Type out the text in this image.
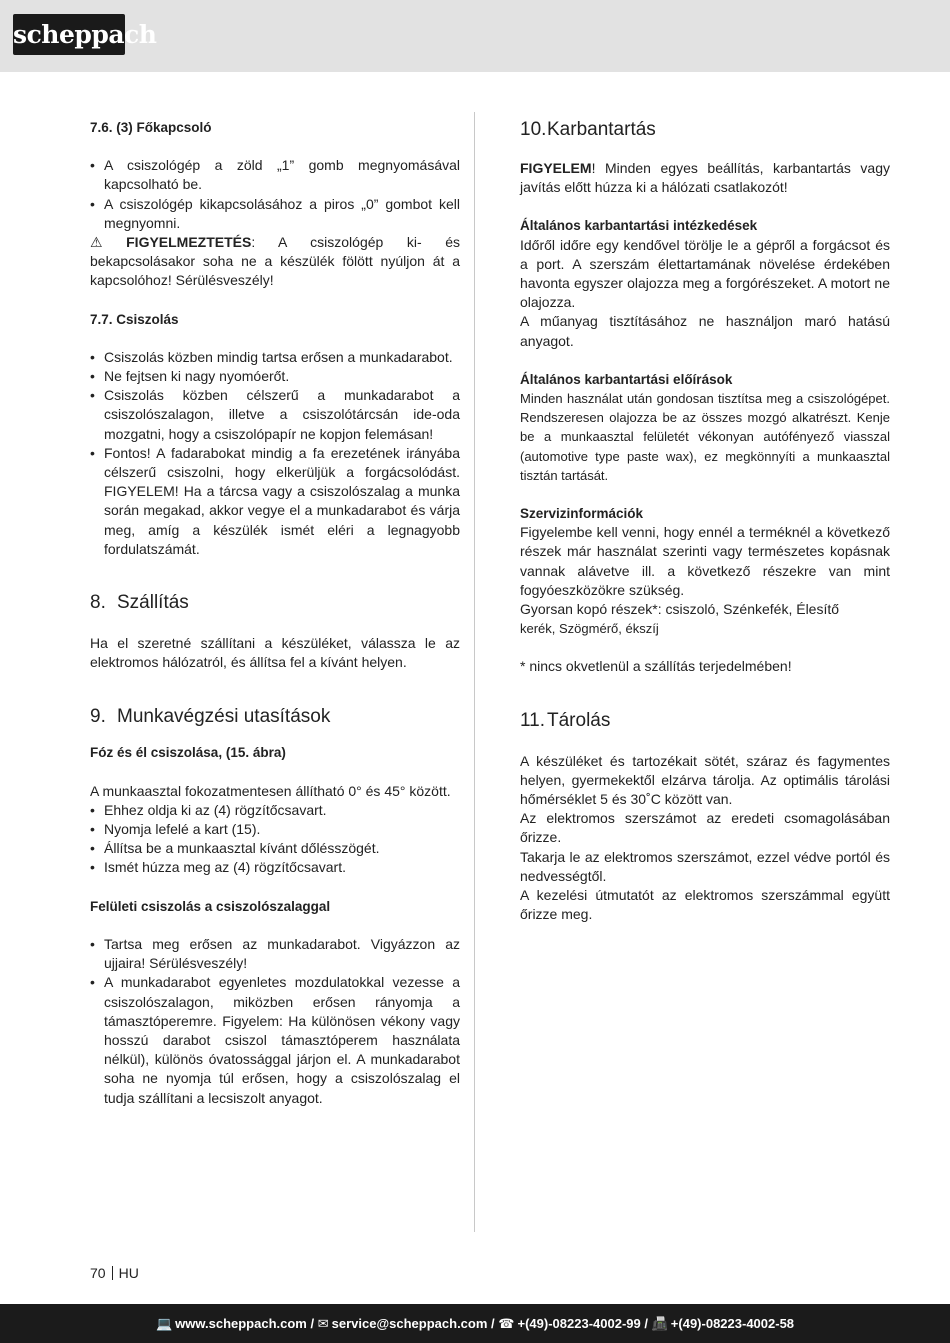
scheppach
7.6. (3) Főkapcsoló
• A csiszológép a zöld „1” gomb megnyomásával kapcsolható be.
• A csiszológép kikapcsolásához a piros „0” gombot kell megnyomni.

⚠ FIGYELMEZTETÉS: A csiszológép ki- és bekapcsolásakor soha ne a készülék fölött nyúljon át a kapcsolóhoz! Sérülésveszély!

7.7. Csiszolás
• Csiszolás közben mindig tartsa erősen a munkadarabot.
• Ne fejtsen ki nagy nyomóerőt.
• Csiszolás közben célszerű a munkadarabot a csiszolószalagon, illetve a csiszolótárcsán ide-oda mozgatni, hogy a csiszolópapír ne kopjon felemásan!
• Fontos! A fadarabokat mindig a fa erezetének irányába célszerű csiszolni, hogy elkerüljük a forgácsolódást. FIGYELEM! Ha a tárcsa vagy a csiszolószalag a munka során megakad, akkor vegye el a munkadarabot és várja meg, amíg a készülék ismét eléri a legnagyobb fordulatszámát.
8. Szállítás

Ha el szeretné szállítani a készüléket, válassza le az elektromos hálózatról, és állítsa fel a kívánt helyen.

9. Munkavégzési utasítások
Fóz és él csiszolása, (15. ábra)

A munkaasztal fokozatmentesen állítható 0° és 45° között.

• Ehhez oldja ki az (4) rögzítőcsavart.
• Nyomja lefelé a kart (15).
• Állítsa be a munkaasztal kívánt dőlésszögét.
• Ismét húzza meg az (4) rögzítőcsavart.
Felületi csiszolás a csiszolószalaggal
• Tartsa meg erősen az munkadarabot. Vigyázzon az ujjaira! Sérülésveszély!
• A munkadarabot egyenletes mozdulatokkal vezesse a csiszolószalagon, miközben erősen rányomja a támasztóperemre. Figyelem: Ha különösen vékony vagy hosszú darabot csiszol támasztóperem használata nélkül), különös óvatossággal járjon el. A munkadarabot soha ne nyomja túl erősen, hogy a csiszolószalag el tudja szállítani a lecsiszolt anyagot.
10.Karbantartás

FIGYELEM! Minden egyes beállítás, karbantartás vagy javítás előtt húzza ki a hálózati csatlakozót!

Általános karbantartási intézkedések

Időről időre egy kendővel törölje le a gépről a forgácsot és a port. A szerszám élettartamának növelése érdekében havonta egyszer olajozza meg a forgórészeket. A motort ne olajozza.

A műanyag tisztításához ne használjon maró hatású anyagot.

Általános karbantartási előírások

Minden használat után gondosan tisztítsa meg a csiszológépet. Rendszeresen olajozza be az összes mozgó alkatrészt. Kenje be a munkaasztal felületét vékonyan autófényező viasszal (automotive type paste wax), ez megkönnyíti a munkaasztal tisztán tartását.

Szervizinformációk

Figyelembe kell venni, hogy ennél a terméknél a következő részek már használat szerinti vagy természetes kopásnak vannak alávetve ill. a következő részekre van mint fogyóeszközökre szükség.

Gyorsan kopó részek*: csiszoló, Szénkefék, Élesítő

kerék, Szögmérő, ékszíj

* nincs okvetlenül a szállítás terjedelmében!

11. Tárolás

A készüléket és tartozékait sötét, száraz és fagymentes helyen, gyermekektől elzárva tárolja. Az optimális tárolási hőmérséklet 5 és 30˚C között van.

Az elektromos szerszámot az eredeti csomagolásában őrizze.

Takarja le az elektromos szerszámot, ezzel védve portól és nedvességtől.

A kezelési útmutatót az elektromos szerszámmal együtt őrizze meg.

70 HU
💻 www.scheppach.com / ✉ service@scheppach.com / ☎ +(49)-08223-4002-99 / 📠 +(49)-08223-4002-58
